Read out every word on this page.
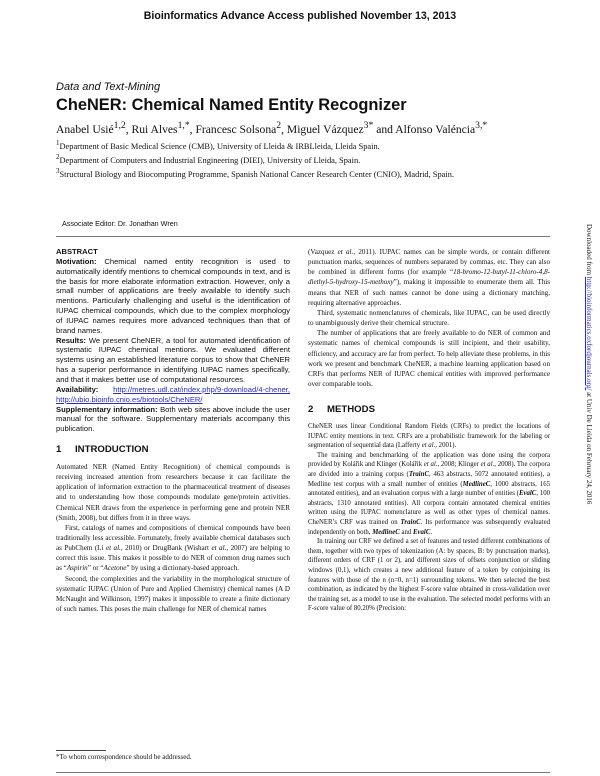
Bioinformatics Advance Access published November 13, 2013
Data and Text-Mining
CheNER: Chemical Named Entity Recognizer
Anabel Usié$^{1,2}$, Rui Alves$^{1,*}$, Francesc Solsona$^2$, Miguel Vázquez$^{3*}$ and Alfonso Valéncia$^{3,*}$
$^1$Department of Basic Medical Science (CMB), University of Lleida & IRBLleida, Lleida Spain.
$^2$Department of Computers and Industrial Engineering (DIEI), University of Lleida, Spain.
$^3$Structural Biology and Biocomputing Programme, Spanish National Cancer Research Center (CNIO), Madrid, Spain.
Associate Editor: Dr. Jonathan Wren

ABSTRACT

Motivation: Chemical named entity recognition is used to automatically identify mentions to chemical compounds in text, and is the basis for more elaborate information extraction. However, only a small number of applications are freely available to identify such mentions. Particularly challenging and useful is the identification of IUPAC chemical compounds, which due to the complex morphology of IUPAC names requires more advanced techniques than that of brand names.

Results: We present CheNER, a tool for automated identification of systematic IUPAC chemical mentions. We evaluated different systems using an established literature corpus to show that CheNER has a superior performance in identifying IUPAC names specifically, and that it makes better use of computational resources.

Availability: http://metres.udl.cat/index.php/9-download/4-chener, http://ubio.bioinfo.cnio.es/biotools/CheNER/

Supplementary information: Both web sites above include the user manual for the software. Supplementary materials accompany this publication.

1 INTRODUCTION

Automated NER (Named Entity Recognition) of chemical compounds is receiving increased attention from researchers because it can facilitate the application of information extraction to the pharmaceutical treatment of diseases and to understanding how those compounds modulate gene/protein activities. Chemical NER draws from the experience in performing gene and protein NER (Smith, 2008), but differs from it in three ways.

First, catalogs of names and compositions of chemical compounds have been traditionally less accessible. Fortunately, freely available chemical databases such as PubChem (Li et al., 2010) or DrugBank (Wishart et al., 2007) are helping to correct this issue. This makes it possible to do NER of common drug names such as “Aspirin” or “Acetone” by using a dictionary-based approach.

Second, the complexities and the variability in the morphological structure of systematic IUPAC (Union of Pure and Applied Chemistry) chemical names (A D McNaught and Wilkinson, 1997) makes it impossible to create a finite dictionary of such names. This poses the main challenge for NER of chemical names

(Vazquez et al., 2011). IUPAC names can be simple words, or contain different punctuation marks, sequences of numbers separated by commas, etc. They can also be combined in different forms (for example “18-bromo-12-butyl-11-chloro-4,8-diethyl-5-hydroxy-15-methoxy”), making it impossible to enumerate them all. This means that NER of such names cannot be done using a dictionary matching, requiring alternative approaches.

Third, systematic nomenclatures of chemicals, like IUPAC, can be used directly to unambiguously derive their chemical structure.

The number of applications that are freely available to do NER of common and systematic names of chemical compounds is still incipient, and their usability, efficiency, and accuracy are far from perfect. To help alleviate these problems, in this work we present and benchmark CheNER, a machine learning application based on CRFs that performs NER of IUPAC chemical entities with improved performance over comparable tools.

2 METHODS

CheNER uses linear Conditional Random Fields (CRFs) to predict the locations of IUPAC entity mentions in text. CRFs are a probabilistic framework for the labeling or segmentation of sequential data (Lafferty et al., 2001).

The training and benchmarking of the application was done using the corpora provided by Kolářik and Klinger (Kolářik et al., 2008; Klinger et al., 2008). The corpora are divided into a training corpus (TrainC, 463 abstracts, 5072 annotated entities), a Medline test corpus with a small number of entities (MedlineC, 1000 abstracts, 165 annotated entities), and an evaluation corpus with a large number of entities (EvalC, 100 abstracts, 1310 annotated entities). All corpora contain annotated chemical entities written using the IUPAC nomenclature as well as other types of chemical names. CheNER’s CRF was trained on TrainC. Its performance was subsequently evaluated independently on both, MedlineC and EvalC.

In training our CRF we defined a set of features and tested different combinations of them, together with two types of tokenization (A: by spaces, B: by punctuation marks), different orders of CRF (1 or 2), and different sizes of offsets conjunction or sliding windows (0,1), which creates a new additional feature of a token by conjoining its features with those of the n (n=0, n=1) surrounding tokens. We then selected the best combination, as indicated by the highest F-score value obtained in cross-validation over the training set, as a model to use in the evaluation. The selected model performs with an F-score value of 80.20% (Precision:

*To whom correspondence should be addressed.
Downloaded from http://bioinformatics.oxfordjournals.org/ at Univ De Lleida on February 24, 2016
